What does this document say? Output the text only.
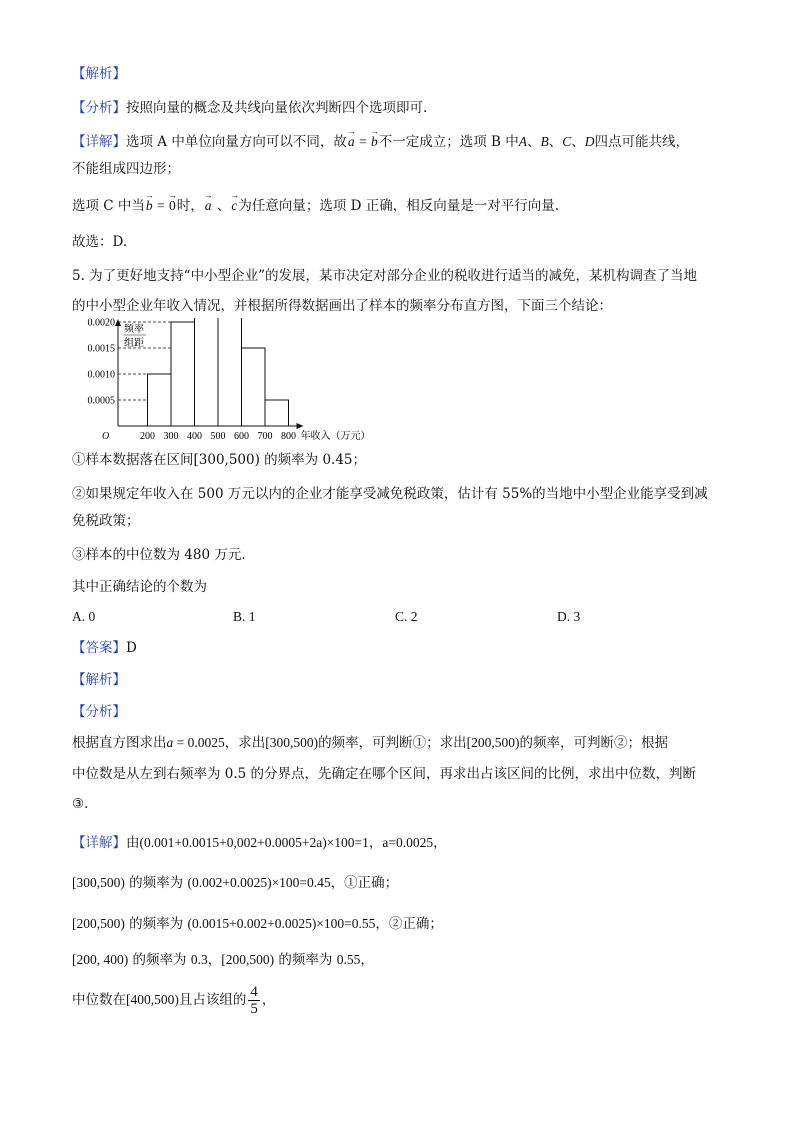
【解析】
【分析】按照向量的概念及共线向量依次判断四个选项即可.
【详解】选项 A 中单位向量方向可以不同，故→ a = → b不一定成立；选项 B 中A、B、C、D四点可能共线，
不能组成四边形；
选项 C 中当→ b = → 0时，→ a 、→ c为任意向量；选项 D 正确，相反向量是一对平行向量.
故选：D.
5. 为了更好地支持“中小型企业”的发展，某市决定对部分企业的税收进行适当的减免，某机构调查了当地
的中小型企业年收入情况，并根据所得数据画出了样本的频率分布直方图，下面三个结论：
频率
组距
O
0.0020
0.0015
0.0010
0.0005
200 300 400 500 600 700 800 年收入（万元）
①样本数据落在区间[300,500) 的频率为 0.45；
②如果规定年收入在 500 万元以内的企业才能享受减免税政策，估计有 55%的当地中小型企业能享受到减
免税政策；
③样本的中位数为 480 万元.
其中正确结论的个数为
A. 0	B. 1	C. 2	D. 3
【答案】D
【解析】
【分析】
根据直方图求出a = 0.0025，求出[300,500)的频率，可判断①；求出[200,500)的频率，可判断②；根据
中位数是从左到右频率为 0.5 的分界点，先确定在哪个区间，再求出占该区间的比例，求出中位数，判断
③.
【详解】由(0.001+0.0015+0,002+0.0005+2a)×100=1，a=0.0025，
[300,500) 的频率为 (0.002+0.0025)×100=0.45，①正确；
[200,500) 的频率为 (0.0015+0.002+0.0025)×100=0.55，②正确；
[200, 400) 的频率为 0.3，[200,500) 的频率为 0.55，
中位数在[400,500)且占该组的 $\frac{4}{5}$ ，
